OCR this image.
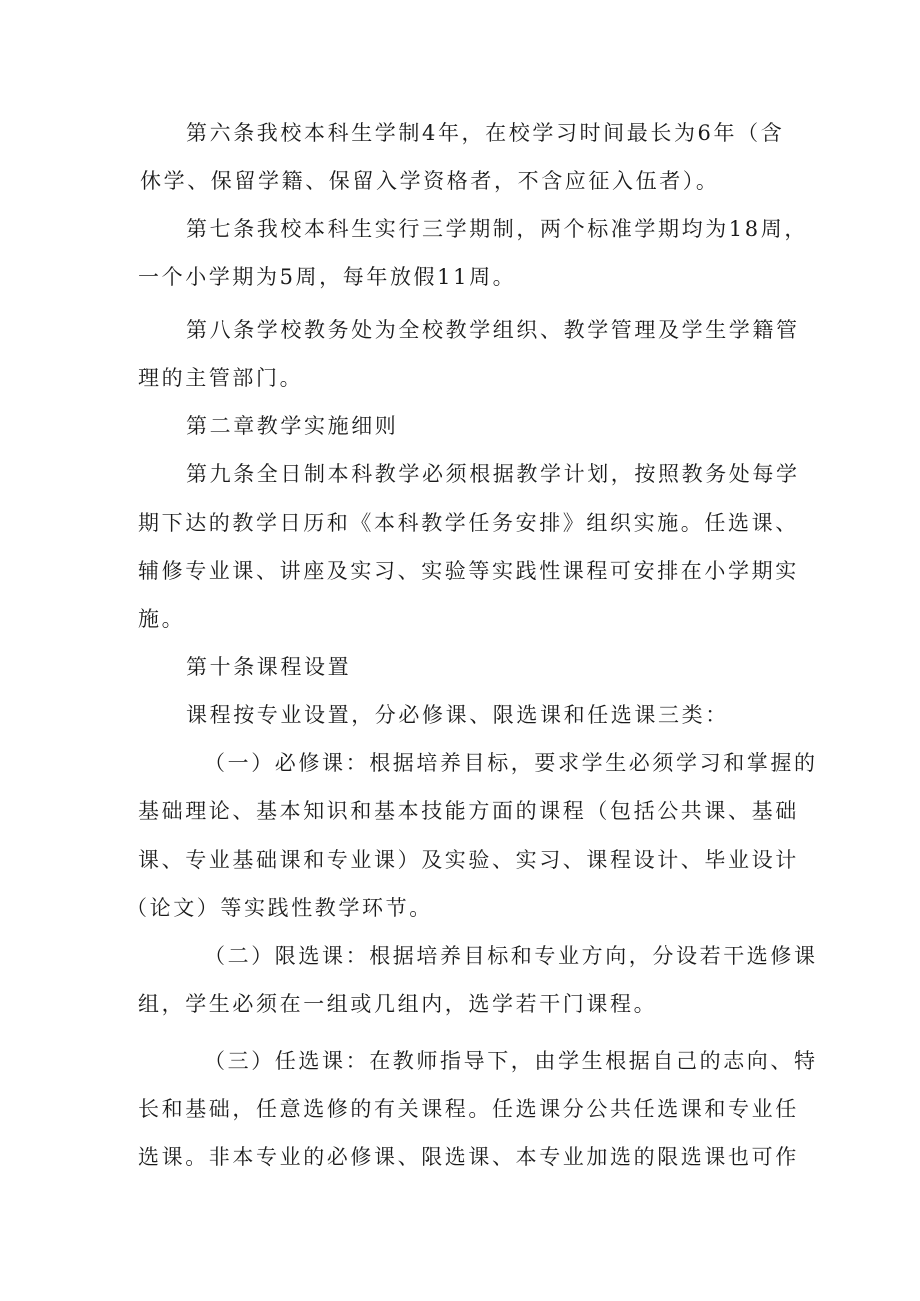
第六条我校本科生学制4年，在校学习时间最长为6年（含
休学、保留学籍、保留入学资格者，不含应征入伍者）。
第七条我校本科生实行三学期制，两个标准学期均为18周，
一个小学期为5周，每年放假11周。
第八条学校教务处为全校教学组织、教学管理及学生学籍管
理的主管部门。
第二章教学实施细则
第九条全日制本科教学必须根据教学计划，按照教务处每学
期下达的教学日历和《本科教学任务安排》组织实施。任选课、
辅修专业课、讲座及实习、实验等实践性课程可安排在小学期实
施。
第十条课程设置
课程按专业设置，分必修课、限选课和任选课三类：
（一）必修课：根据培养目标，要求学生必须学习和掌握的
基础理论、基本知识和基本技能方面的课程（包括公共课、基础
课、专业基础课和专业课）及实验、实习、课程设计、毕业设计
（论文）等实践性教学环节。
（二）限选课：根据培养目标和专业方向，分设若干选修课
组，学生必须在一组或几组内，选学若干门课程。
（三）任选课：在教师指导下，由学生根据自己的志向、特
长和基础，任意选修的有关课程。任选课分公共任选课和专业任
选课。非本专业的必修课、限选课、本专业加选的限选课也可作
